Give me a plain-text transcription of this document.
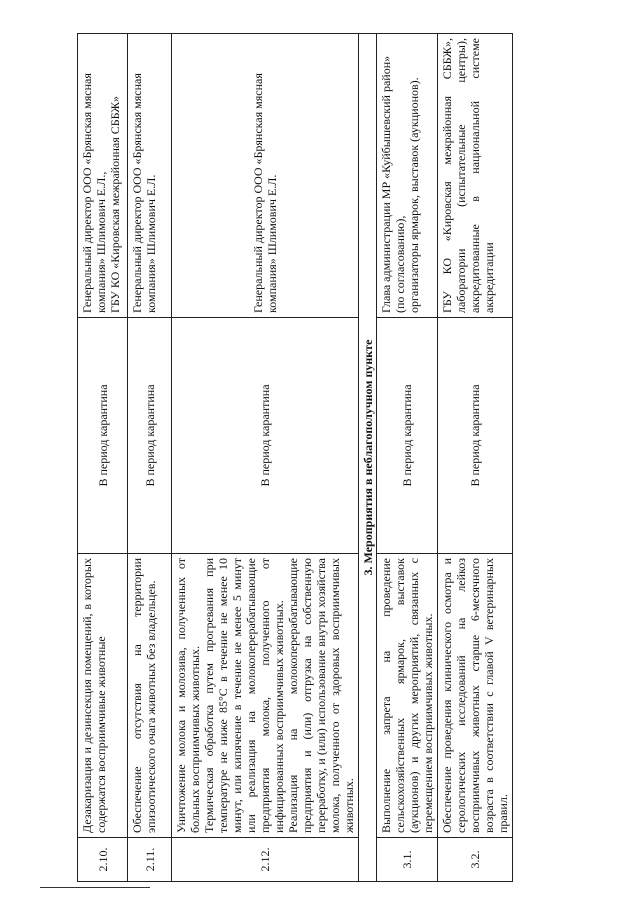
2.10.	Дезакаризация и дезинсекция помещений, в которых содержатся восприимчивые животные	В период карантина	Генеральный директор ООО «Брянская мясная компания» Шлимович Е.Л., ГБУ КО «Кировская межрайонная СББЖ»

2.11.	Обеспечение отсутствия на территории эпизоотического очага животных без владельцев.	В период карантина	Генеральный директор ООО «Брянская мясная компания» Шлимович Е.Л.

2.12.	Уничтожение молока и молозива, полученных от больных восприимчивых животных. Термическая обработка путем прогревания при температуре не ниже 85°С в течение не менее 10 минут, или кипячение в течение не менее 5 минут или реализация на молокоперерабатывающие предприятия молока, полученного от инфицированных восприимчивых животных. Реализация на молокоперерабатывающие предприятия и (или) отгрузка на собственную переработку, и (или) использование внутри хозяйства молока, полученного от здоровых восприимчивых животных.	В период карантина	Генеральный директор ООО «Брянская мясная компания» Шлимович Е.Л.

3. Мероприятия в неблагополучном пункте			
3.1.	Выполнение запрета на проведение сельскохозяйственных ярмарок, выставок (аукционов) и других мероприятий, связанных с перемещением восприимчивых животных.	В период карантина	Глава администрации МР «Куйбышевский район» (по согласованию), организаторы ярмарок, выставок (аукционов).

3.2.	Обеспечение проведения клинического осмотра и серологических исследований на лейкоз восприимчивых животных старше 6-месячного возраста в соответствии с главой V ветеринарных правил.	В период карантина	ГБУ КО «Кировская межрайонная СББЖ», лаборатории (испытательные центры), аккредитованные в национальной системе аккредитации
